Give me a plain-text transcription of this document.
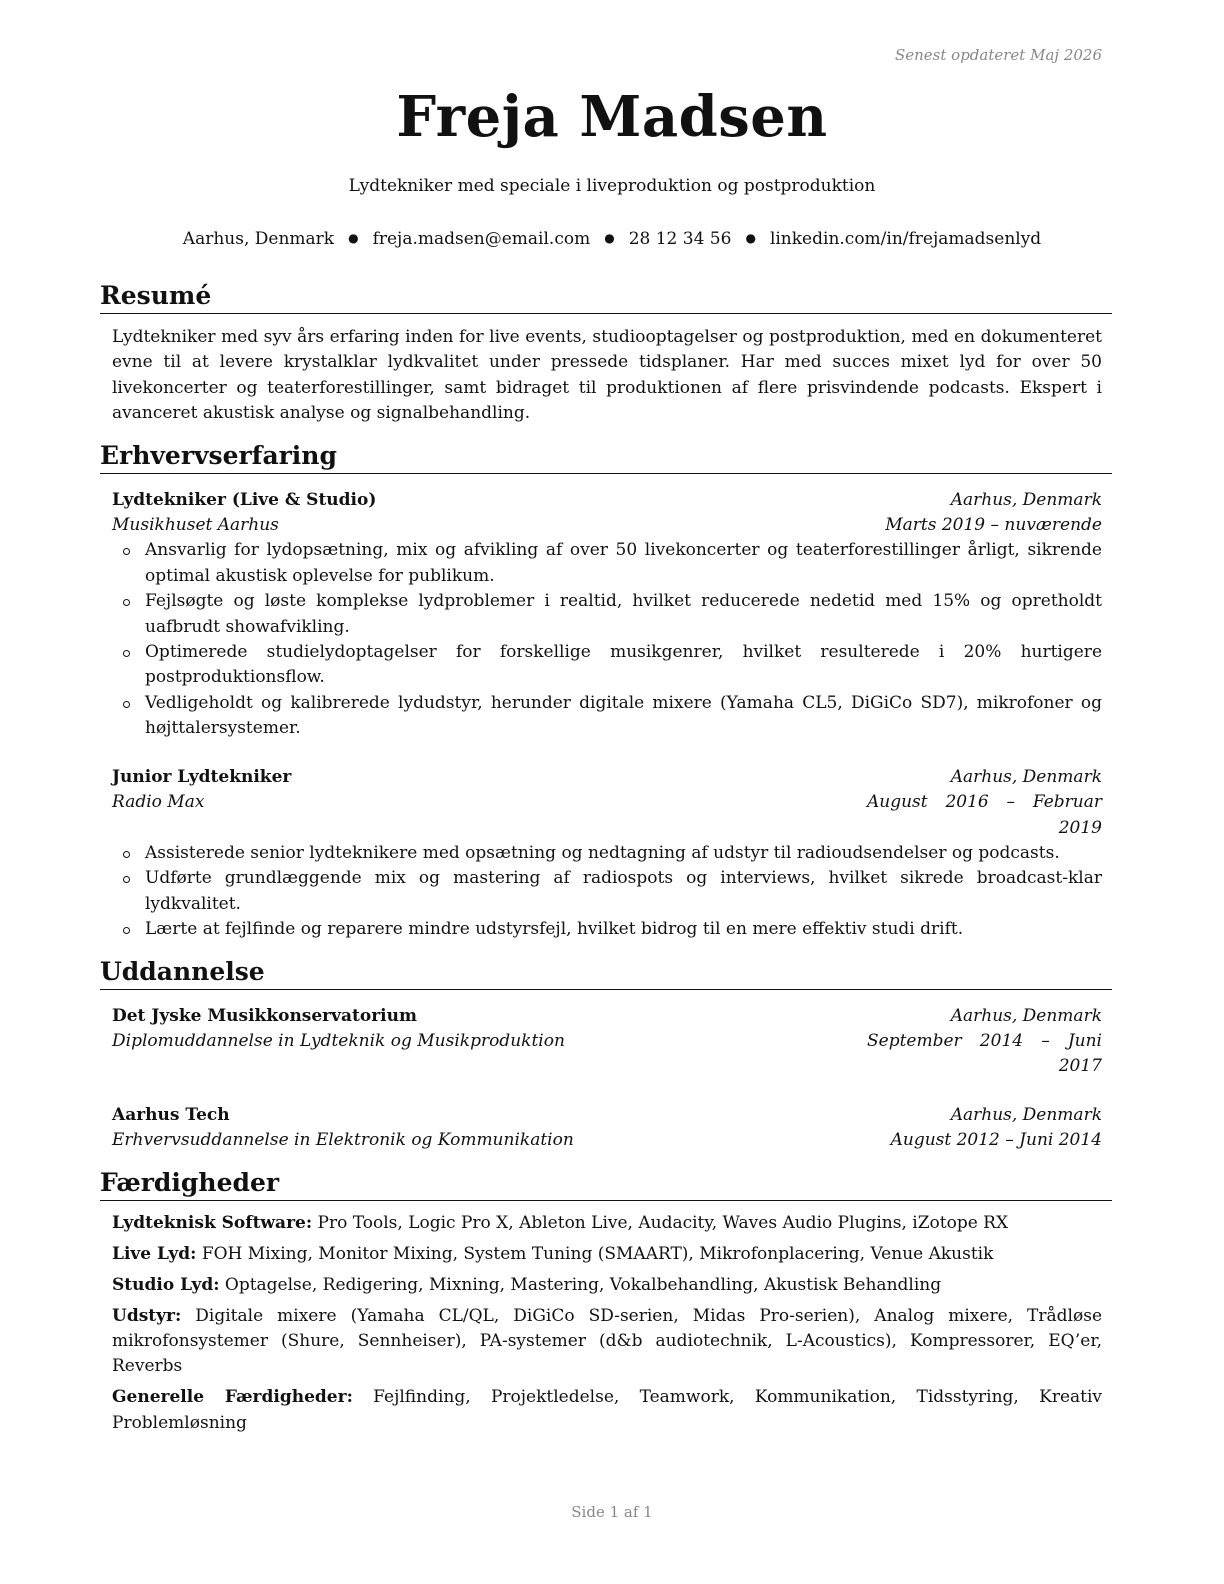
Senest opdateret Maj 2026
Freja Madsen
Lydtekniker med speciale i liveproduktion og postproduktion
Aarhus, Denmark ● freja.madsen@email.com ● 28 12 34 56 ● linkedin.com/in/frejamadsenlyd
Resumé

Lydtekniker med syv års erfaring inden for live events, studiooptagelser og postproduktion, med en dokumenteret evne til at levere krystalklar lydkvalitet under pressede tidsplaner. Har med succes mixet lyd for over 50 livekoncerter og teaterforestillinger, samt bidraget til produktionen af flere prisvindende podcasts. Ekspert i avanceret akustisk analyse og signalbehandling.

Erhvervserfaring
Lydtekniker (Live & Studio)	Aarhus, Denmark
Musikhuset Aarhus	Marts 2019 – nuværende
Ansvarlig for lydopsætning, mix og afvikling af over 50 livekoncerter og teaterforestillinger årligt, sikrende optimal akustisk oplevelse for publikum.
Fejlsøgte og løste komplekse lydproblemer i realtid, hvilket reducerede nedetid med 15% og opretholdt uafbrudt showafvikling.
Optimerede studielydoptagelser for forskellige musikgenrer, hvilket resulterede i 20% hurtigere postproduktionsflow.
Vedligeholdt og kalibrerede lydudstyr, herunder digitale mixere (Yamaha CL5, DiGiCo SD7), mikrofoner og højttalersystemer.
Junior Lydtekniker	Aarhus, Denmark
Radio Max	August 2016 – Februar 2019
Assisterede senior lydteknikere med opsætning og nedtagning af udstyr til radioudsendelser og podcasts.
Udførte grundlæggende mix og mastering af radiospots og interviews, hvilket sikrede broadcast-klar lydkvalitet.
Lærte at fejlfinde og reparere mindre udstyrsfejl, hvilket bidrog til en mere effektiv studi drift.
Uddannelse
Det Jyske Musikkonservatorium	Aarhus, Denmark
Diplomuddannelse in Lydteknik og Musikproduktion	September 2014 – Juni 2017
Aarhus Tech	Aarhus, Denmark
Erhvervsuddannelse in Elektronik og Kommunikation	August 2012 – Juni 2014
Færdigheder
Lydteknisk Software: Pro Tools, Logic Pro X, Ableton Live, Audacity, Waves Audio Plugins, iZotope RX
Live Lyd: FOH Mixing, Monitor Mixing, System Tuning (SMAART), Mikrofonplacering, Venue Akustik
Studio Lyd: Optagelse, Redigering, Mixning, Mastering, Vokalbehandling, Akustisk Behandling
Udstyr: Digitale mixere (Yamaha CL/QL, DiGiCo SD-serien, Midas Pro-serien), Analog mixere, Trådløse mikrofonsystemer (Shure, Sennheiser), PA-systemer (d&b audiotechnik, L-Acoustics), Kompressorer, EQ’er, Reverbs
Generelle Færdigheder: Fejlfinding, Projektledelse, Teamwork, Kommunikation, Tidsstyring, Kreativ Problemløsning
Side 1 af 1
